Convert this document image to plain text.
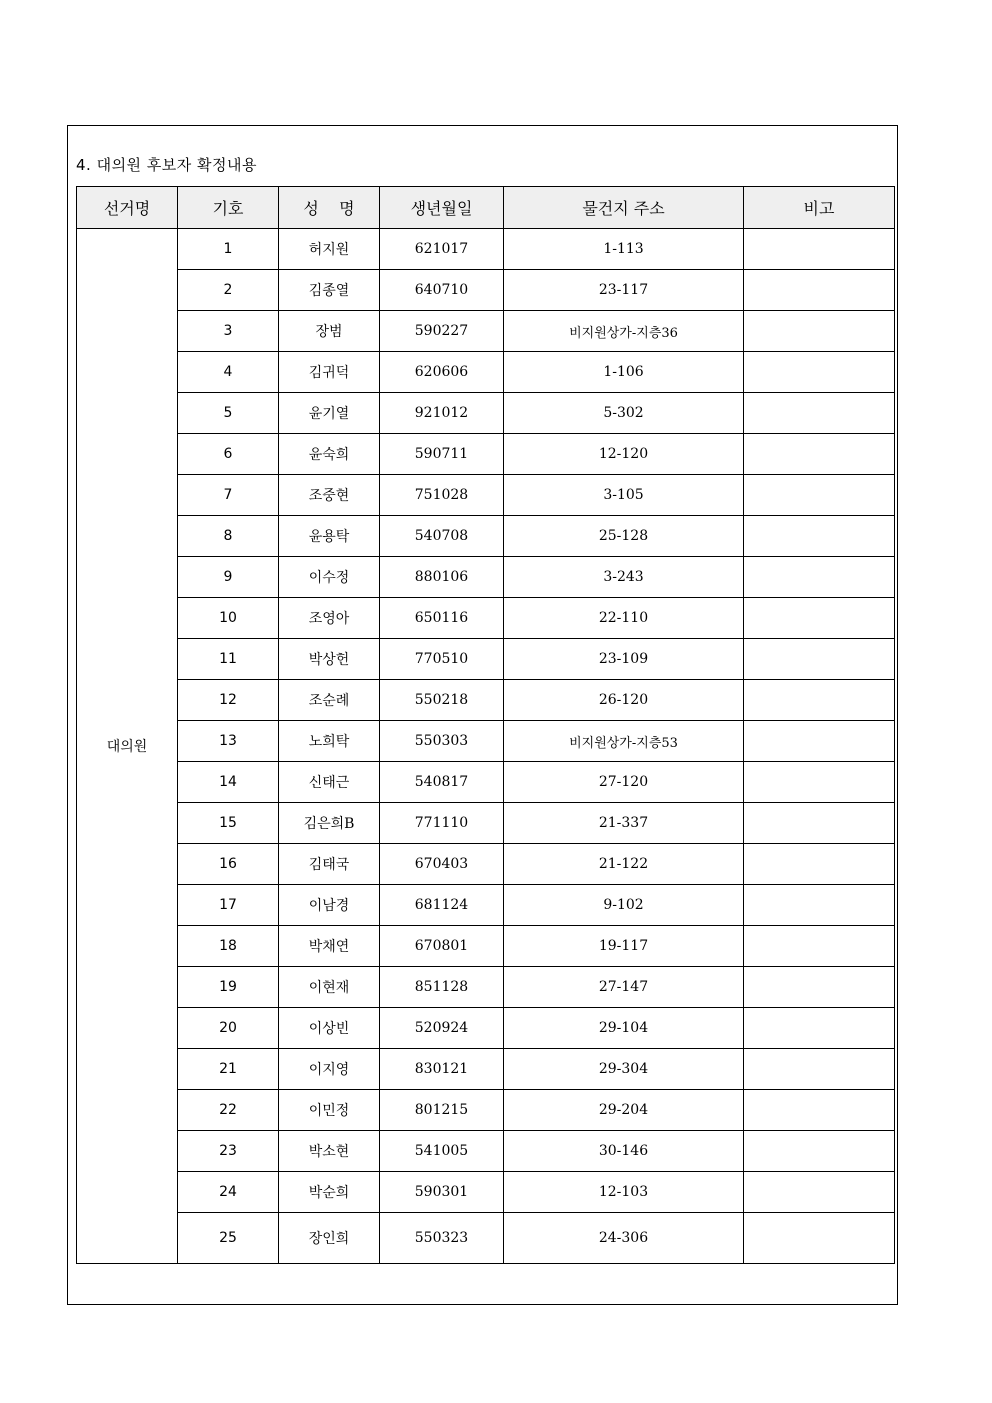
4. 대의원 후보자 확정내용
선거명	기호	성    명	생년월일	물건지 주소	비고
대의원	1	허지원	621017	1-113	
	2	김종열	640710	23-117	
	3	장범	590227	비지원상가-지층36	
	4	김귀덕	620606	1-106	
	5	윤기열	921012	5-302	
	6	윤숙희	590711	12-120	
	7	조중현	751028	3-105	
	8	윤용탁	540708	25-128	
	9	이수정	880106	3-243	
	10	조영아	650116	22-110	
	11	박상헌	770510	23-109	
	12	조순례	550218	26-120	
	13	노희탁	550303	비지원상가-지층53	
	14	신태근	540817	27-120	
	15	김은희B	771110	21-337	
	16	김태국	670403	21-122	
	17	이남경	681124	9-102	
	18	박채연	670801	19-117	
	19	이현재	851128	27-147	
	20	이상빈	520924	29-104	
	21	이지영	830121	29-304	
	22	이민정	801215	29-204	
	23	박소현	541005	30-146	
	24	박순희	590301	12-103	
	25	장인희	550323	24-306	
